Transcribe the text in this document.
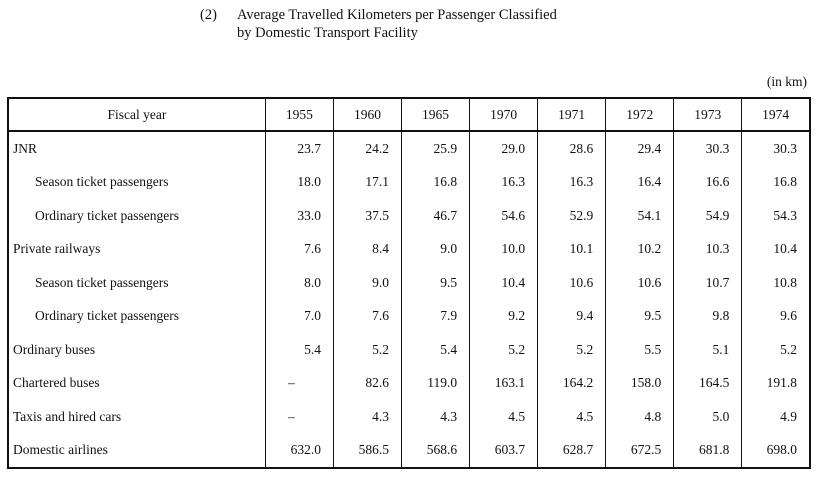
(2) Average Travelled Kilometers per Passenger Classified
by Domestic Transport Facility
(in km)
Fiscal year	1955	1960	1965	1970	1971	1972	1973	1974
JNR	23.7	24.2	25.9	29.0	28.6	29.4	30.3	30.3
Season ticket passengers	18.0	17.1	16.8	16.3	16.3	16.4	16.6	16.8
Ordinary ticket passengers	33.0	37.5	46.7	54.6	52.9	54.1	54.9	54.3
Private railways	7.6	8.4	9.0	10.0	10.1	10.2	10.3	10.4
Season ticket passengers	8.0	9.0	9.5	10.4	10.6	10.6	10.7	10.8
Ordinary ticket passengers	7.0	7.6	7.9	9.2	9.4	9.5	9.8	9.6
Ordinary buses	5.4	5.2	5.4	5.2	5.2	5.5	5.1	5.2
Chartered buses	–	82.6	119.0	163.1	164.2	158.0	164.5	191.8
Taxis and hired cars	–	4.3	4.3	4.5	4.5	4.8	5.0	4.9
Domestic airlines	632.0	586.5	568.6	603.7	628.7	672.5	681.8	698.0
